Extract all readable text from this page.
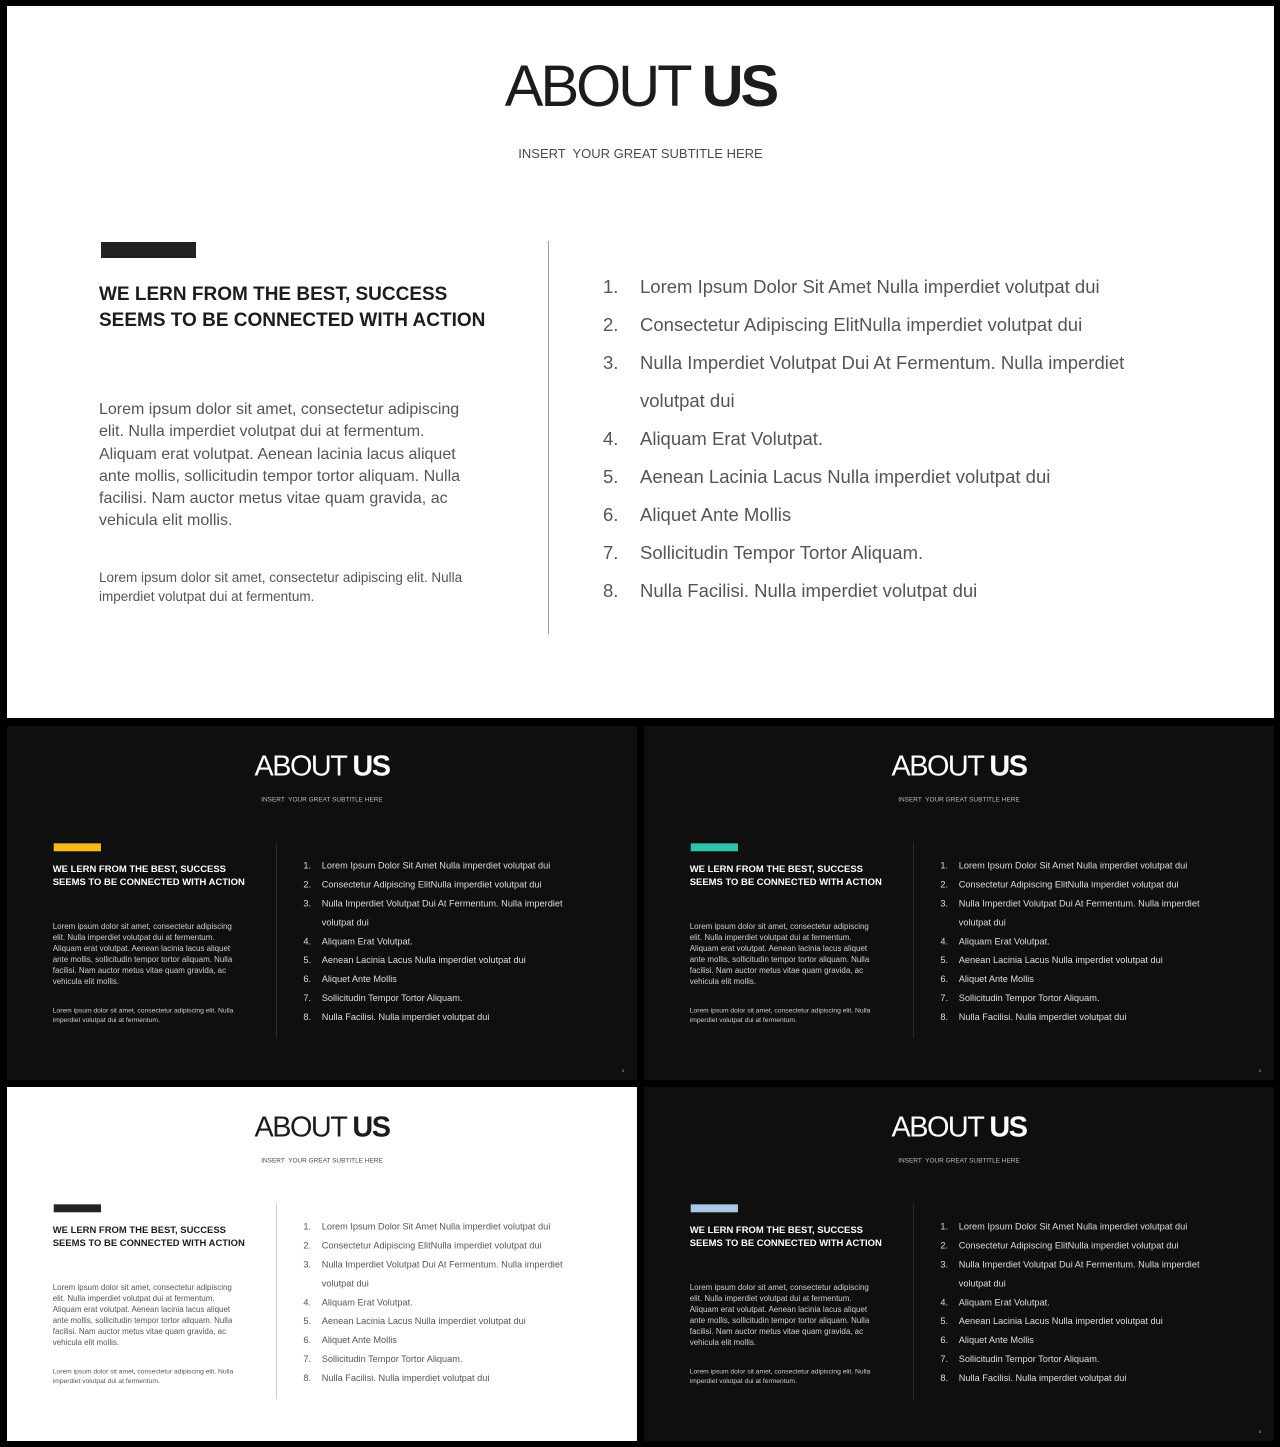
ABOUT US

INSERT  YOUR GREAT SUBTITLE HERE

WE LERN FROM THE BEST, SUCCESS
SEEMS TO BE CONNECTED WITH ACTION

Lorem ipsum dolor sit amet, consectetur adipiscing elit. Nulla imperdiet volutpat dui at fermentum. Aliquam erat volutpat. Aenean lacinia lacus aliquet ante mollis, sollicitudin tempor tortor aliquam. Nulla facilisi. Nam auctor metus vitae quam gravida, ac vehicula elit mollis.

Lorem ipsum dolor sit amet, consectetur adipiscing elit. Nulla imperdiet volutpat dui at fermentum.

1. Lorem Ipsum Dolor Sit Amet Nulla imperdiet volutpat dui
2. Consectetur Adipiscing ElitNulla imperdiet volutpat dui
3. Nulla Imperdiet Volutpat Dui At Fermentum. Nulla imperdiet volutpat dui
4. Aliquam Erat Volutpat.
5. Aenean Lacinia Lacus Nulla imperdiet volutpat dui
6. Aliquet Ante Mollis
7. Sollicitudin Tempor Tortor Aliquam.
8. Nulla Facilisi. Nulla imperdiet volutpat dui
ABOUT US

INSERT  YOUR GREAT SUBTITLE HERE

WE LERN FROM THE BEST, SUCCESS
SEEMS TO BE CONNECTED WITH ACTION

Lorem ipsum dolor sit amet, consectetur adipiscing elit. Nulla imperdiet volutpat dui at fermentum. Aliquam erat volutpat. Aenean lacinia lacus aliquet ante mollis, sollicitudin tempor tortor aliquam. Nulla facilisi. Nam auctor metus vitae quam gravida, ac vehicula elit mollis.

Lorem ipsum dolor sit amet, consectetur adipiscing elit. Nulla imperdiet volutpat dui at fermentum.

1. Lorem Ipsum Dolor Sit Amet Nulla imperdiet volutpat dui
2. Consectetur Adipiscing ElitNulla imperdiet volutpat dui
3. Nulla Imperdiet Volutpat Dui At Fermentum. Nulla imperdiet volutpat dui
4. Aliquam Erat Volutpat.
5. Aenean Lacinia Lacus Nulla imperdiet volutpat dui
6. Aliquet Ante Mollis
7. Sollicitudin Tempor Tortor Aliquam.
8. Nulla Facilisi. Nulla imperdiet volutpat dui
3
ABOUT US

INSERT  YOUR GREAT SUBTITLE HERE

WE LERN FROM THE BEST, SUCCESS
SEEMS TO BE CONNECTED WITH ACTION

Lorem ipsum dolor sit amet, consectetur adipiscing elit. Nulla imperdiet volutpat dui at fermentum. Aliquam erat volutpat. Aenean lacinia lacus aliquet ante mollis, sollicitudin tempor tortor aliquam. Nulla facilisi. Nam auctor metus vitae quam gravida, ac vehicula elit mollis.

Lorem ipsum dolor sit amet, consectetur adipiscing elit. Nulla imperdiet volutpat dui at fermentum.

1. Lorem Ipsum Dolor Sit Amet Nulla imperdiet volutpat dui
2. Consectetur Adipiscing ElitNulla imperdiet volutpat dui
3. Nulla Imperdiet Volutpat Dui At Fermentum. Nulla imperdiet volutpat dui
4. Aliquam Erat Volutpat.
5. Aenean Lacinia Lacus Nulla imperdiet volutpat dui
6. Aliquet Ante Mollis
7. Sollicitudin Tempor Tortor Aliquam.
8. Nulla Facilisi. Nulla imperdiet volutpat dui
3
ABOUT US

INSERT  YOUR GREAT SUBTITLE HERE

WE LERN FROM THE BEST, SUCCESS
SEEMS TO BE CONNECTED WITH ACTION

Lorem ipsum dolor sit amet, consectetur adipiscing elit. Nulla imperdiet volutpat dui at fermentum. Aliquam erat volutpat. Aenean lacinia lacus aliquet ante mollis, sollicitudin tempor tortor aliquam. Nulla facilisi. Nam auctor metus vitae quam gravida, ac vehicula elit mollis.

Lorem ipsum dolor sit amet, consectetur adipiscing elit. Nulla imperdiet volutpat dui at fermentum.

1. Lorem Ipsum Dolor Sit Amet Nulla imperdiet volutpat dui
2. Consectetur Adipiscing ElitNulla imperdiet volutpat dui
3. Nulla Imperdiet Volutpat Dui At Fermentum. Nulla imperdiet volutpat dui
4. Aliquam Erat Volutpat.
5. Aenean Lacinia Lacus Nulla imperdiet volutpat dui
6. Aliquet Ante Mollis
7. Sollicitudin Tempor Tortor Aliquam.
8. Nulla Facilisi. Nulla imperdiet volutpat dui
ABOUT US

INSERT  YOUR GREAT SUBTITLE HERE

WE LERN FROM THE BEST, SUCCESS
SEEMS TO BE CONNECTED WITH ACTION

Lorem ipsum dolor sit amet, consectetur adipiscing elit. Nulla imperdiet volutpat dui at fermentum. Aliquam erat volutpat. Aenean lacinia lacus aliquet ante mollis, sollicitudin tempor tortor aliquam. Nulla facilisi. Nam auctor metus vitae quam gravida, ac vehicula elit mollis.

Lorem ipsum dolor sit amet, consectetur adipiscing elit. Nulla imperdiet volutpat dui at fermentum.

1. Lorem Ipsum Dolor Sit Amet Nulla imperdiet volutpat dui
2. Consectetur Adipiscing ElitNulla imperdiet volutpat dui
3. Nulla Imperdiet Volutpat Dui At Fermentum. Nulla imperdiet volutpat dui
4. Aliquam Erat Volutpat.
5. Aenean Lacinia Lacus Nulla imperdiet volutpat dui
6. Aliquet Ante Mollis
7. Sollicitudin Tempor Tortor Aliquam.
8. Nulla Facilisi. Nulla imperdiet volutpat dui
5
